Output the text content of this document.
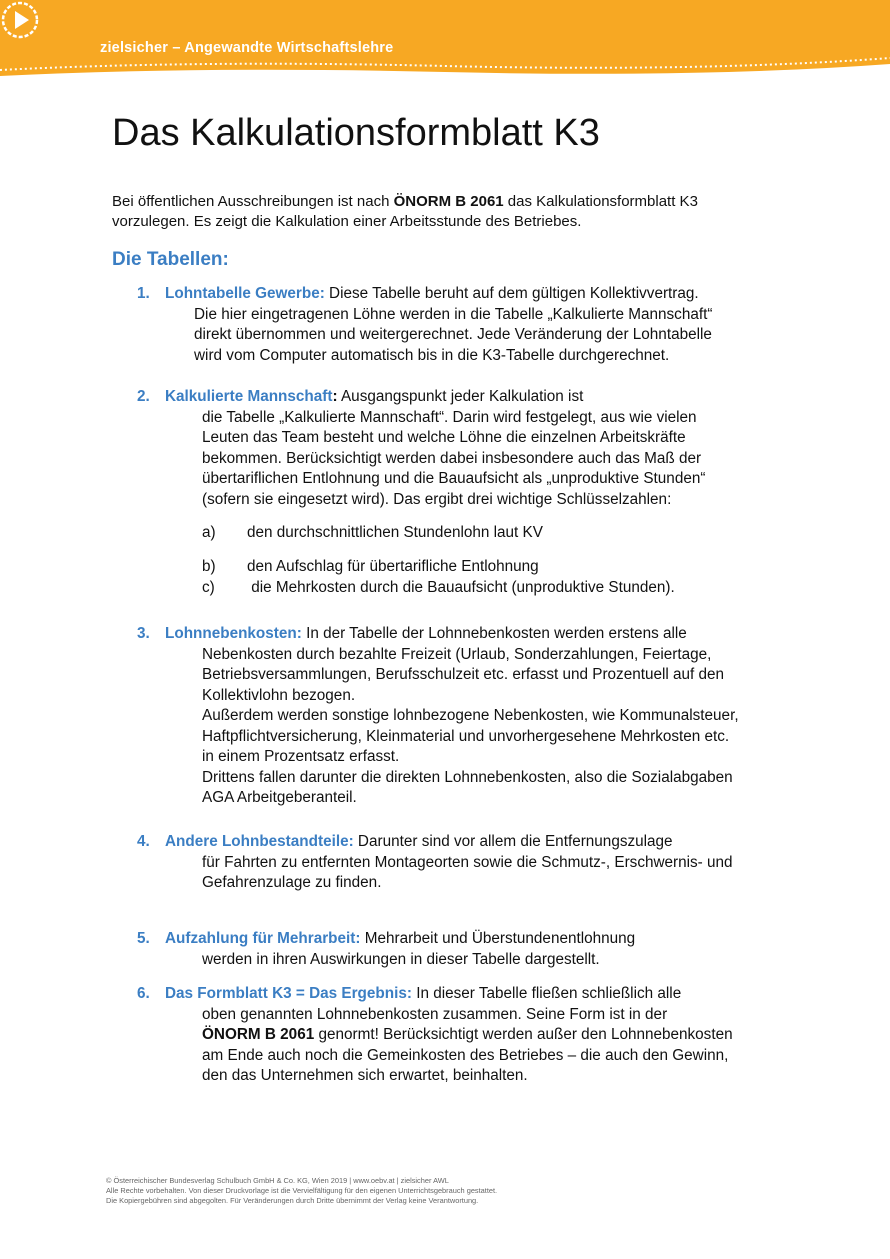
zielsicher – Angewandte Wirtschaftslehre
Das Kalkulationsformblatt K3
Bei öffentlichen Ausschreibungen ist nach ÖNORM B 2061 das Kalkulationsformblatt K3
vorzulegen. Es zeigt die Kalkulation einer Arbeitsstunde des Betriebes.
Die Tabellen:
1. Lohntabelle Gewerbe: Diese Tabelle beruht auf dem gültigen Kollektivvertrag.
Die hier eingetragenen Löhne werden in die Tabelle „Kalkulierte Mannschaft“
direkt übernommen und weitergerechnet. Jede Veränderung der Lohntabelle
wird vom Computer automatisch bis in die K3-Tabelle durchgerechnet.
2. Kalkulierte Mannschaft: Ausgangspunkt jeder Kalkulation ist
die Tabelle „Kalkulierte Mannschaft“. Darin wird festgelegt, aus wie vielen
Leuten das Team besteht und welche Löhne die einzelnen Arbeitskräfte
bekommen. Berücksichtigt werden dabei insbesondere auch das Maß der
übertariflichen Entlohnung und die Bauaufsicht als „unproduktive Stunden“
(sofern sie eingesetzt wird). Das ergibt drei wichtige Schlüsselzahlen:
a) den durchschnittlichen Stundenlohn laut KV
b) den Aufschlag für übertarifliche Entlohnung
c) die Mehrkosten durch die Bauaufsicht (unproduktive Stunden).
3. Lohnnebenkosten: In der Tabelle der Lohnnebenkosten werden erstens alle
Nebenkosten durch bezahlte Freizeit (Urlaub, Sonderzahlungen, Feiertage,
Betriebsversammlungen, Berufsschulzeit etc. erfasst und Prozentuell auf den
Kollektivlohn bezogen.
Außerdem werden sonstige lohnbezogene Nebenkosten, wie Kommunalsteuer,
Haftpflichtversicherung, Kleinmaterial und unvorhergesehene Mehrkosten etc.
in einem Prozentsatz erfasst.
Drittens fallen darunter die direkten Lohnnebenkosten, also die Sozialabgaben
AGA Arbeitgeberanteil.
4. Andere Lohnbestandteile: Darunter sind vor allem die Entfernungszulage
für Fahrten zu entfernten Montageorten sowie die Schmutz-, Erschwernis- und
Gefahrenzulage zu finden.
5. Aufzahlung für Mehrarbeit: Mehrarbeit und Überstundenentlohnung
werden in ihren Auswirkungen in dieser Tabelle dargestellt.
6. Das Formblatt K3 = Das Ergebnis: In dieser Tabelle fließen schließlich alle
oben genannten Lohnnebenkosten zusammen. Seine Form ist in der
ÖNORM B 2061 genormt! Berücksichtigt werden außer den Lohnnebenkosten
am Ende auch noch die Gemeinkosten des Betriebes – die auch den Gewinn,
den das Unternehmen sich erwartet, beinhalten.
© Österreichischer Bundesverlag Schulbuch GmbH & Co. KG, Wien 2019 | www.oebv.at | zielsicher AWL
Alle Rechte vorbehalten. Von dieser Druckvorlage ist die Vervielfältigung für den eigenen Unterrichtsgebrauch gestattet.
Die Kopiergebühren sind abgegolten. Für Veränderungen durch Dritte übernimmt der Verlag keine Verantwortung.
